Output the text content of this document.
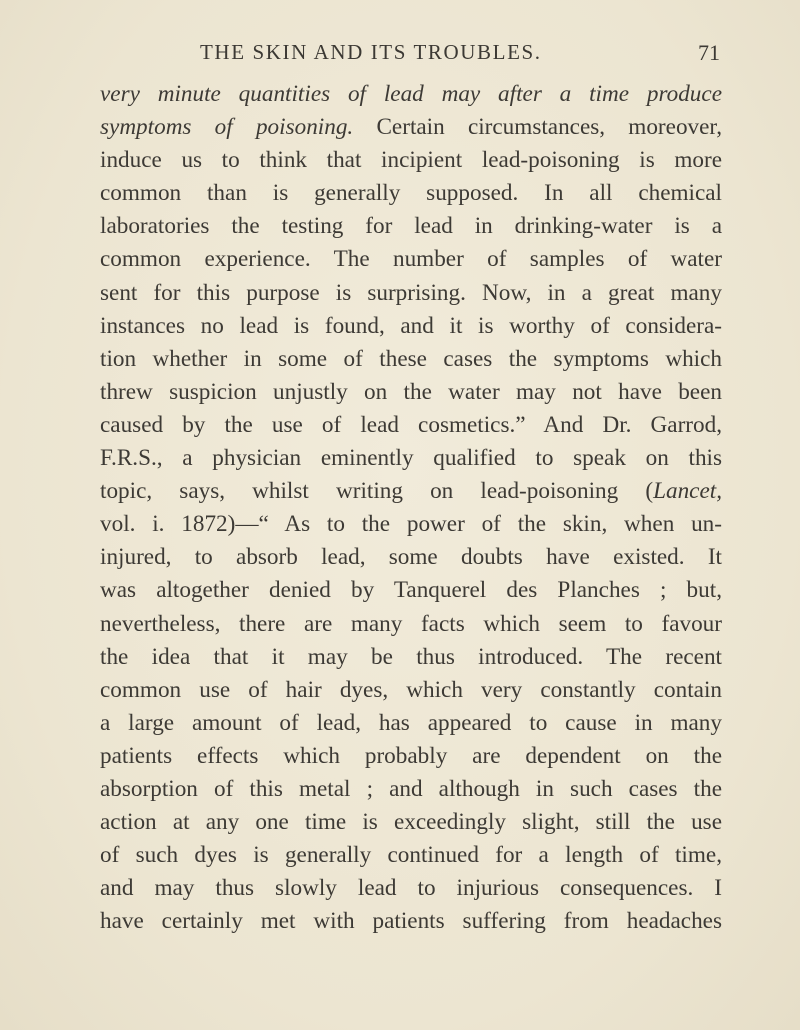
THE SKIN AND ITS TROUBLES.	71
very minute quantities of lead may after a time produce
symptoms of poisoning. Certain circumstances, moreover,
induce us to think that incipient lead-poisoning is more
common than is generally supposed. In all chemical
laboratories the testing for lead in drinking-water is a
common experience. The number of samples of water
sent for this purpose is surprising. Now, in a great many
instances no lead is found, and it is worthy of considera-
tion whether in some of these cases the symptoms which
threw suspicion unjustly on the water may not have been
caused by the use of lead cosmetics.” And Dr. Garrod,
F.R.S., a physician eminently qualified to speak on this
topic, says, whilst writing on lead-poisoning (Lancet,
vol. i. 1872)—“ As to the power of the skin, when un-
injured, to absorb lead, some doubts have existed. It
was altogether denied by Tanquerel des Planches ; but,
nevertheless, there are many facts which seem to favour
the idea that it may be thus introduced. The recent
common use of hair dyes, which very constantly contain
a large amount of lead, has appeared to cause in many
patients effects which probably are dependent on the
absorption of this metal ; and although in such cases the
action at any one time is exceedingly slight, still the use
of such dyes is generally continued for a length of time,
and may thus slowly lead to injurious consequences. I
have certainly met with patients suffering from headaches
